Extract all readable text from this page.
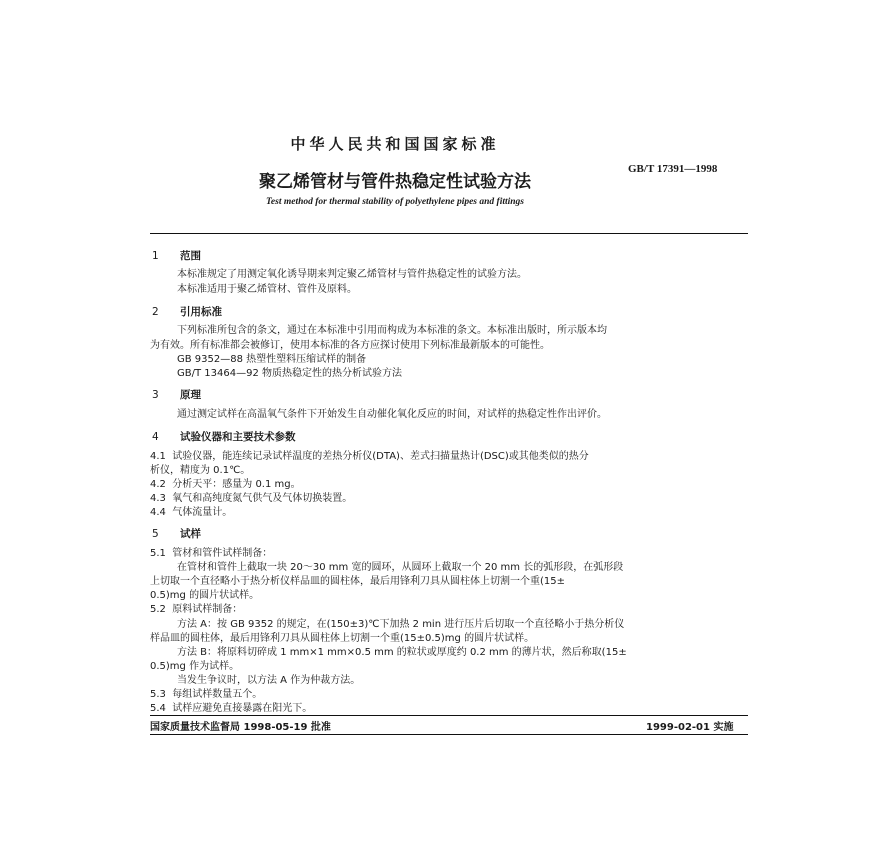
中华人民共和国国家标准
GB/T 17391—1998
聚乙烯管材与管件热稳定性试验方法
Test method for thermal stability of polyethylene pipes and fittings
1 范围
本标准规定了用测定氧化诱导期来判定聚乙烯管材与管件热稳定性的试验方法。
本标准适用于聚乙烯管材、管件及原料。
2 引用标准
下列标准所包含的条文，通过在本标准中引用而构成为本标准的条文。本标准出版时，所示版本均
为有效。所有标准都会被修订，使用本标准的各方应探讨使用下列标准最新版本的可能性。
GB 9352—88 热塑性塑料压缩试样的制备
GB/T 13464—92 物质热稳定性的热分析试验方法
3 原理
通过测定试样在高温氧气条件下开始发生自动催化氧化反应的时间，对试样的热稳定性作出评价。
4 试验仪器和主要技术参数
4.1 试验仪器，能连续记录试样温度的差热分析仪(DTA)、差式扫描量热计(DSC)或其他类似的热分
析仪，精度为 0.1℃。
4.2 分析天平：感量为 0.1 mg。
4.3 氧气和高纯度氮气供气及气体切换装置。
4.4 气体流量计。
5 试样
5.1 管材和管件试样制备：
在管材和管件上截取一块 20～30 mm 宽的圆环，从圆环上截取一个 20 mm 长的弧形段，在弧形段
上切取一个直径略小于热分析仪样品皿的圆柱体，最后用锋利刀具从圆柱体上切割一个重(15±
0.5)mg 的圆片状试样。
5.2 原料试样制备：
方法 A：按 GB 9352 的规定，在(150±3)℃下加热 2 min 进行压片后切取一个直径略小于热分析仪
样品皿的圆柱体，最后用锋利刀具从圆柱体上切割一个重(15±0.5)mg 的圆片状试样。
方法 B：将原料切碎成 1 mm×1 mm×0.5 mm 的粒状或厚度约 0.2 mm 的薄片状，然后称取(15±
0.5)mg 作为试样。
当发生争议时，以方法 A 作为仲裁方法。
5.3 每组试样数量五个。
5.4 试样应避免直接暴露在阳光下。
国家质量技术监督局 1998-05-19 批准	1999-02-01 实施
